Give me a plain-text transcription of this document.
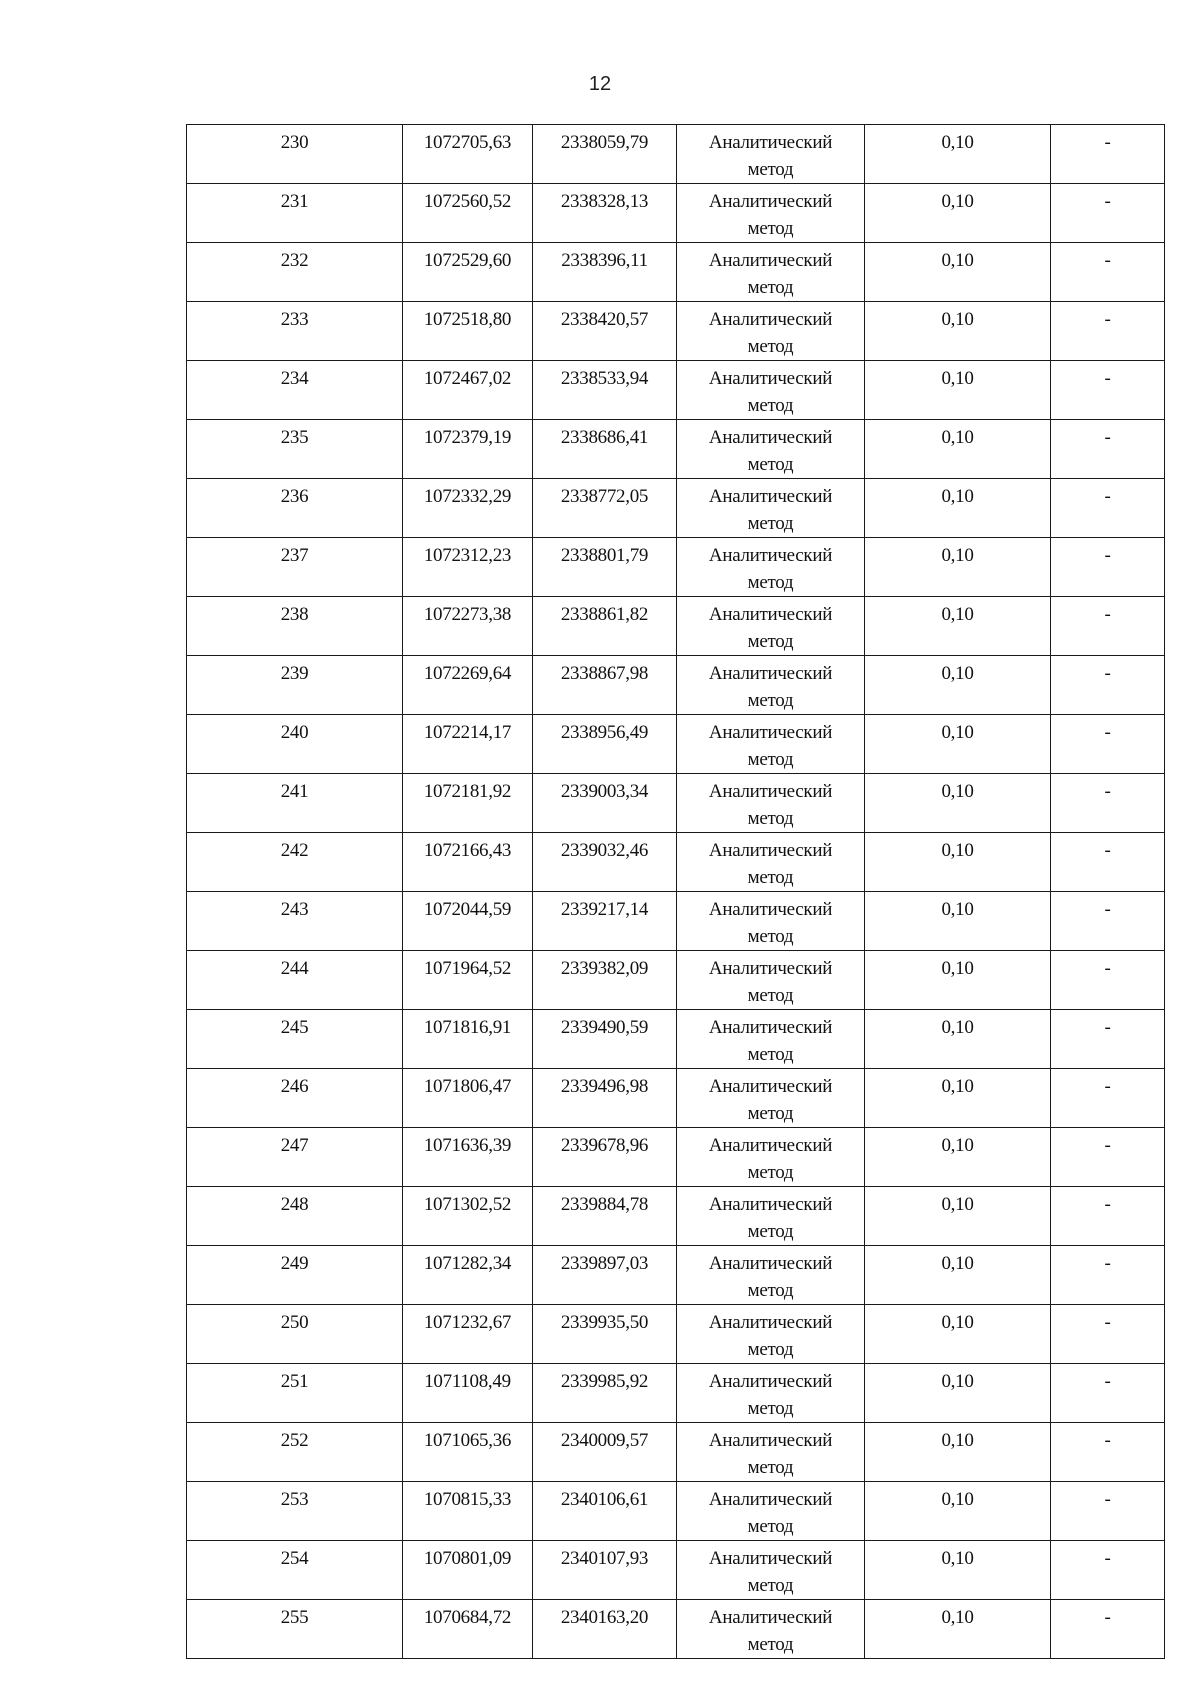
12
230	1072705,63	2338059,79	Аналитический
метод	0,10	-
231	1072560,52	2338328,13	Аналитический
метод	0,10	-
232	1072529,60	2338396,11	Аналитический
метод	0,10	-
233	1072518,80	2338420,57	Аналитический
метод	0,10	-
234	1072467,02	2338533,94	Аналитический
метод	0,10	-
235	1072379,19	2338686,41	Аналитический
метод	0,10	-
236	1072332,29	2338772,05	Аналитический
метод	0,10	-
237	1072312,23	2338801,79	Аналитический
метод	0,10	-
238	1072273,38	2338861,82	Аналитический
метод	0,10	-
239	1072269,64	2338867,98	Аналитический
метод	0,10	-
240	1072214,17	2338956,49	Аналитический
метод	0,10	-
241	1072181,92	2339003,34	Аналитический
метод	0,10	-
242	1072166,43	2339032,46	Аналитический
метод	0,10	-
243	1072044,59	2339217,14	Аналитический
метод	0,10	-
244	1071964,52	2339382,09	Аналитический
метод	0,10	-
245	1071816,91	2339490,59	Аналитический
метод	0,10	-
246	1071806,47	2339496,98	Аналитический
метод	0,10	-
247	1071636,39	2339678,96	Аналитический
метод	0,10	-
248	1071302,52	2339884,78	Аналитический
метод	0,10	-
249	1071282,34	2339897,03	Аналитический
метод	0,10	-
250	1071232,67	2339935,50	Аналитический
метод	0,10	-
251	1071108,49	2339985,92	Аналитический
метод	0,10	-
252	1071065,36	2340009,57	Аналитический
метод	0,10	-
253	1070815,33	2340106,61	Аналитический
метод	0,10	-
254	1070801,09	2340107,93	Аналитический
метод	0,10	-
255	1070684,72	2340163,20	Аналитический
метод	0,10	-
